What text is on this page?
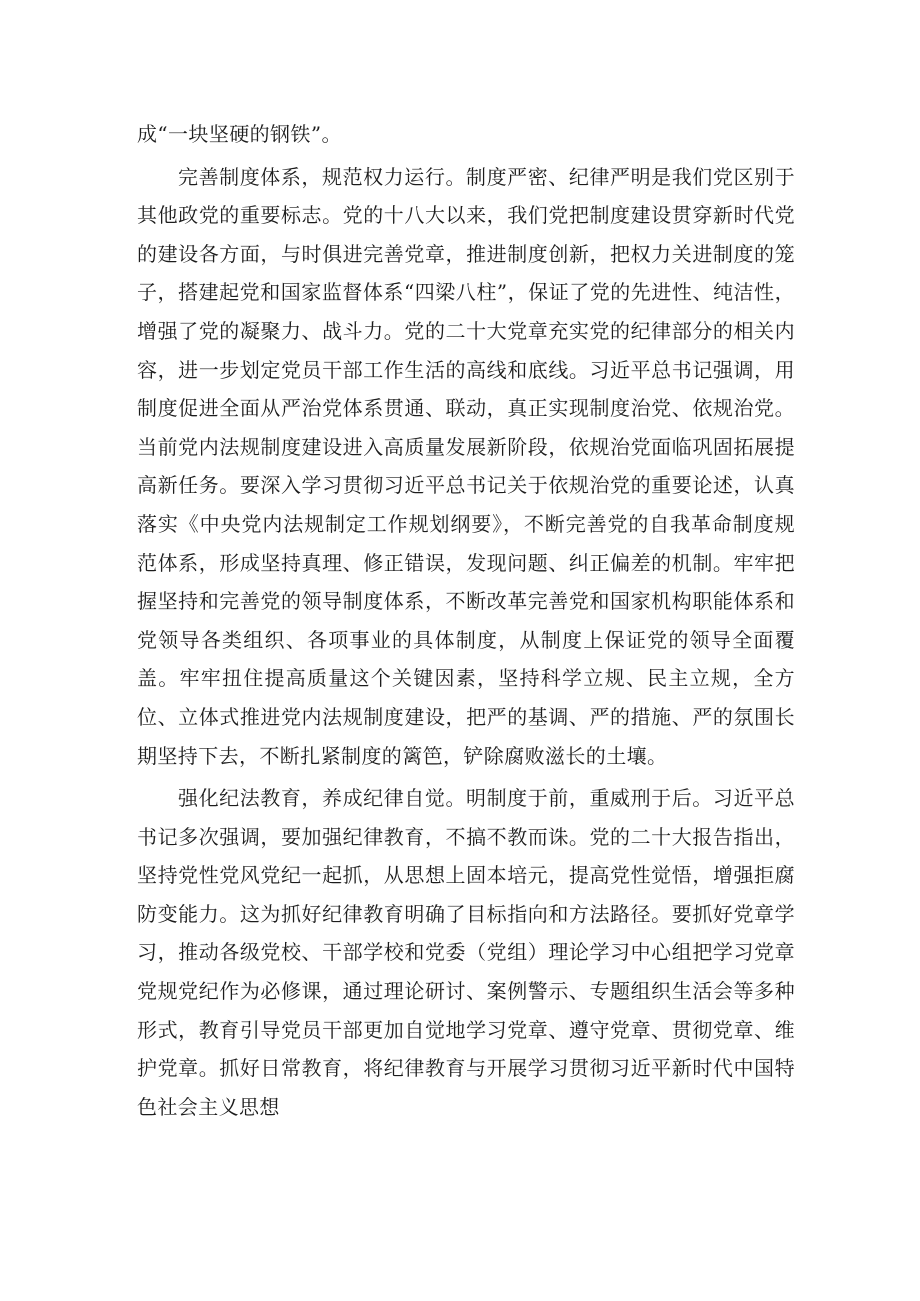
成“一块坚硬的钢铁”。

完善制度体系，规范权力运行。制度严密、纪律严明是我们党区别于其他政党的重要标志。党的十八大以来，我们党把制度建设贯穿新时代党的建设各方面，与时俱进完善党章，推进制度创新，把权力关进制度的笼子，搭建起党和国家监督体系“四梁八柱”，保证了党的先进性、纯洁性，增强了党的凝聚力、战斗力。党的二十大党章充实党的纪律部分的相关内容，进一步划定党员干部工作生活的高线和底线。习近平总书记强调，用制度促进全面从严治党体系贯通、联动，真正实现制度治党、依规治党。当前党内法规制度建设进入高质量发展新阶段，依规治党面临巩固拓展提高新任务。要深入学习贯彻习近平总书记关于依规治党的重要论述，认真落实《中央党内法规制定工作规划纲要》，不断完善党的自我革命制度规范体系，形成坚持真理、修正错误，发现问题、纠正偏差的机制。牢牢把握坚持和完善党的领导制度体系，不断改革完善党和国家机构职能体系和党领导各类组织、各项事业的具体制度，从制度上保证党的领导全面覆盖。牢牢扭住提高质量这个关键因素，坚持科学立规、民主立规，全方位、立体式推进党内法规制度建设，把严的基调、严的措施、严的氛围长期坚持下去，不断扎紧制度的篱笆，铲除腐败滋长的土壤。

强化纪法教育，养成纪律自觉。明制度于前，重威刑于后。习近平总书记多次强调，要加强纪律教育，不搞不教而诛。党的二十大报告指出，坚持党性党风党纪一起抓，从思想上固本培元，提高党性觉悟，增强拒腐防变能力。这为抓好纪律教育明确了目标指向和方法路径。要抓好党章学习，推动各级党校、干部学校和党委（党组）理论学习中心组把学习党章党规党纪作为必修课，通过理论研讨、案例警示、专题组织生活会等多种形式，教育引导党员干部更加自觉地学习党章、遵守党章、贯彻党章、维护党章。抓好日常教育，将纪律教育与开展学习贯彻习近平新时代中国特色社会主义思想
